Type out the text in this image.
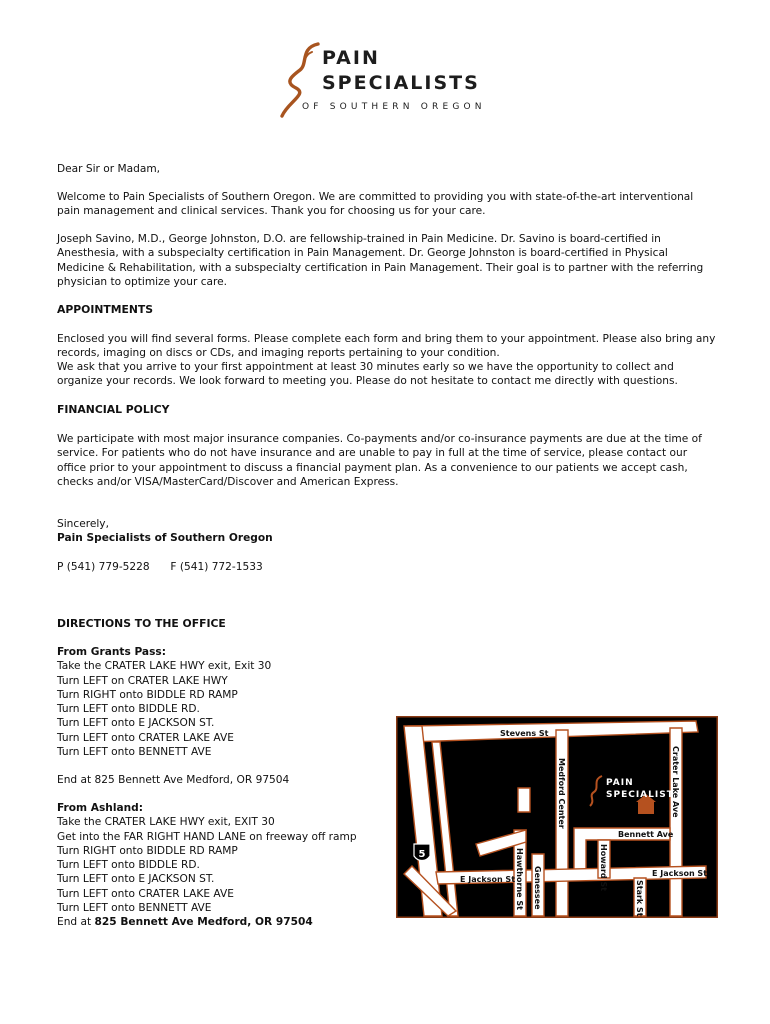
PAIN
SPECIALISTS
OF SOUTHERN OREGON
Dear Sir or Madam,
Welcome to Pain Specialists of Southern Oregon. We are committed to providing you with state-of-the-art interventional pain management and clinical services. Thank you for choosing us for your care.
Joseph Savino, M.D., George Johnston, D.O. are fellowship-trained in Pain Medicine. Dr. Savino is board-certified in Anesthesia, with a subspecialty certification in Pain Management. Dr. George Johnston is board-certified in Physical Medicine & Rehabilitation, with a subspecialty certification in Pain Management. Their goal is to partner with the referring physician to optimize your care.
APPOINTMENTS
Enclosed you will find several forms. Please complete each form and bring them to your appointment. Please also bring any records, imaging on discs or CDs, and imaging reports pertaining to your condition.
We ask that you arrive to your first appointment at least 30 minutes early so we have the opportunity to collect and organize your records. We look forward to meeting you. Please do not hesitate to contact me directly with questions.
FINANCIAL POLICY
We participate with most major insurance companies. Co-payments and/or co-insurance payments are due at the time of service. For patients who do not have insurance and are unable to pay in full at the time of service, please contact our office prior to your appointment to discuss a financial payment plan. As a convenience to our patients we accept cash, checks and/or VISA/MasterCard/Discover and American Express.
Sincerely,
Pain Specialists of Southern Oregon
P (541) 779-5228 F (541) 772-1533
DIRECTIONS TO THE OFFICE
From Grants Pass:
Take the CRATER LAKE HWY exit, Exit 30
Turn LEFT on CRATER LAKE HWY
Turn RIGHT onto BIDDLE RD RAMP
Turn LEFT onto BIDDLE RD.
Turn LEFT onto E JACKSON ST.
Turn LEFT onto CRATER LAKE AVE
Turn LEFT onto BENNETT AVE
End at 825 Bennett Ave Medford, OR 97504
From Ashland:
Take the CRATER LAKE HWY exit, EXIT 30
Get into the FAR RIGHT HAND LANE on freeway off ramp
Turn RIGHT onto BIDDLE RD RAMP
Turn LEFT onto BIDDLE RD.
Turn LEFT onto E JACKSON ST.
Turn LEFT onto CRATER LAKE AVE
Turn LEFT onto BENNETT AVE
End at 825 Bennett Ave Medford, OR 97504
PAIN
SPECIALISTS
5
Stevens St
Bennett Ave
E Jackson St
E Jackson St
Medford Center	Crater Lake Ave
Howard St
Hawthorne St Genessee	Stark St
